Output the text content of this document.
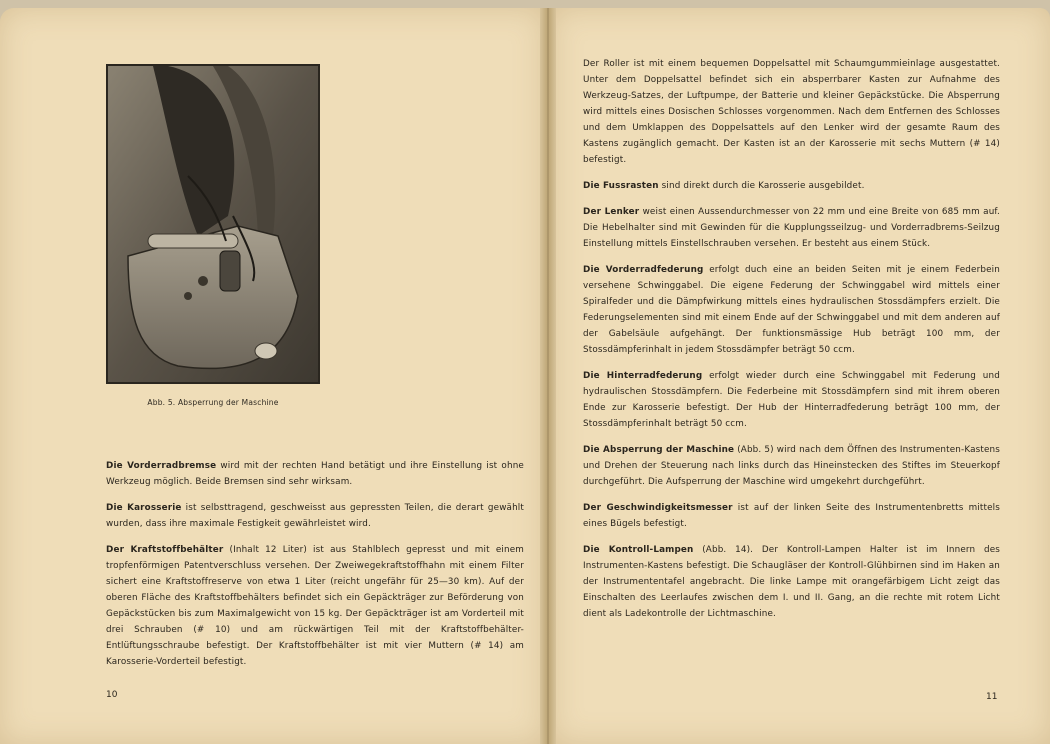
Abb. 5. Absperrung der Maschine

Die Vorderradbremse wird mit der rechten Hand betätigt und ihre Einstellung ist ohne Werkzeug möglich. Beide Bremsen sind sehr wirksam.

Die Karosserie ist selbsttragend, geschweisst aus gepressten Teilen, die derart gewählt wurden, dass ihre maximale Festigkeit gewährleistet wird.

Der Kraftstoffbehälter (Inhalt 12 Liter) ist aus Stahlblech gepresst und mit einem tropfenförmigen Patentverschluss versehen. Der Zweiwegekraftstoffhahn mit einem Filter sichert eine Kraftstoffreserve von etwa 1 Liter (reicht ungefähr für 25—30 km). Auf der oberen Fläche des Kraftstoffbehälters befindet sich ein Gepäckträger zur Beförderung von Gepäckstücken bis zum Maximalgewicht von 15 kg. Der Gepäckträger ist am Vorderteil mit drei Schrauben (# 10) und am rückwärtigen Teil mit der Kraftstoffbehälter-Entlüftungsschraube befestigt. Der Kraftstoffbehälter ist mit vier Muttern (# 14) am Karosserie-Vorderteil befestigt.

10

Der Roller ist mit einem bequemen Doppelsattel mit Schaumgummieinlage ausgestattet. Unter dem Doppelsattel befindet sich ein absperrbarer Kasten zur Aufnahme des Werkzeug-Satzes, der Luftpumpe, der Batterie und kleiner Gepäckstücke. Die Absperrung wird mittels eines Dosischen Schlosses vorgenommen. Nach dem Entfernen des Schlosses und dem Umklappen des Doppelsattels auf den Lenker wird der gesamte Raum des Kastens zugänglich gemacht. Der Kasten ist an der Karosserie mit sechs Muttern (# 14) befestigt.

Die Fussrasten sind direkt durch die Karosserie ausgebildet.

Der Lenker weist einen Aussendurchmesser von 22 mm und eine Breite von 685 mm auf. Die Hebelhalter sind mit Gewinden für die Kupplungsseilzug- und Vorderradbrems-Seilzug Einstellung mittels Einstellschrauben versehen. Er besteht aus einem Stück.

Die Vorderradfederung erfolgt duch eine an beiden Seiten mit je einem Federbein versehene Schwinggabel. Die eigene Federung der Schwinggabel wird mittels einer Spiralfeder und die Dämpfwirkung mittels eines hydraulischen Stossdämpfers erzielt. Die Federungselementen sind mit einem Ende auf der Schwinggabel und mit dem anderen auf der Gabelsäule aufgehängt. Der funktionsmässige Hub beträgt 100 mm, der Stossdämpferinhalt in jedem Stossdämpfer beträgt 50 ccm.

Die Hinterradfederung erfolgt wieder durch eine Schwinggabel mit Federung und hydraulischen Stossdämpfern. Die Federbeine mit Stossdämpfern sind mit ihrem oberen Ende zur Karosserie befestigt. Der Hub der Hinterradfederung beträgt 100 mm, der Stossdämpferinhalt beträgt 50 ccm.

Die Absperrung der Maschine (Abb. 5) wird nach dem Öffnen des Instrumenten-Kastens und Drehen der Steuerung nach links durch das Hineinstecken des Stiftes im Steuerkopf durchgeführt. Die Aufsperrung der Maschine wird umgekehrt durchgeführt.

Der Geschwindigkeitsmesser ist auf der linken Seite des Instrumentenbretts mittels eines Bügels befestigt.

Die Kontroll-Lampen (Abb. 14). Der Kontroll-Lampen Halter ist im Innern des Instrumenten-Kastens befestigt. Die Schaugläser der Kontroll-Glühbirnen sind im Haken an der Instrumententafel angebracht. Die linke Lampe mit orangefärbigem Licht zeigt das Einschalten des Leerlaufes zwischen dem I. und II. Gang, an die rechte mit rotem Licht dient als Ladekontrolle der Lichtmaschine.

11
